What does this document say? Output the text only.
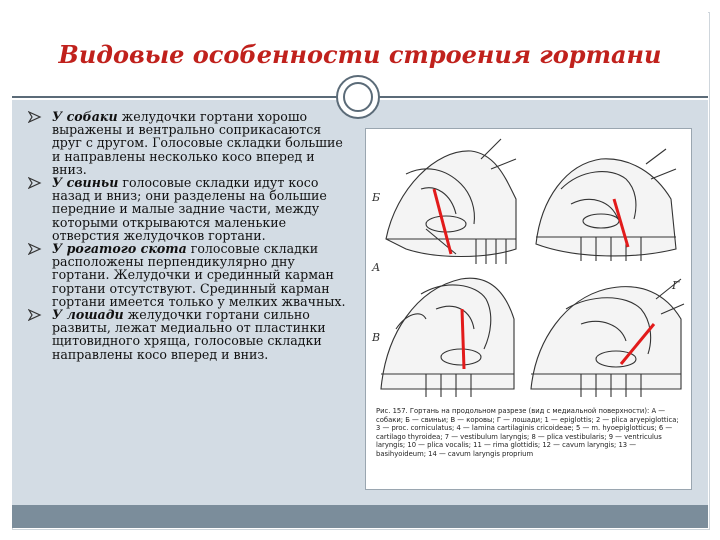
Видовые особенности строения гортани
У собаки желудочки гортани хорошо выражены и вентрально соприкасаются друг с другом. Голосовые складки большие и направлены несколько косо вперед и вниз.
У свиньи голосовые складки идут косо назад и вниз; они разделены на большие передние и малые задние части, между которыми открываются маленькие отверстия желудочков гортани.
У рогатого скота голосовые складки расположены перпендикулярно дну гортани. Желудочки и срединный карман гортани отсутствуют. Срединный карман гортани имеется только у мелких жвачных.
У лошади желудочки гортани сильно развиты, лежат медиально от пластинки щитовидного хряща, голосовые складки направлены косо вперед и вниз.
Б
А
В
Г
Рис. 157. Гортань на продольном разрезе (вид с медиальной поверхности): А — собаки; Б — свиньи; В — коровы; Г — лошади; 1 — epiglottis; 2 — plica aryepiglottica; 3 — proc. corniculatus; 4 — lamina cartilaginis cricoideae; 5 — m. hyoepiglotticus; 6 — cartilago thyroidea; 7 — vestibulum laryngis; 8 — plica vestibularis; 9 — ventriculus laryngis; 10 — plica vocalis; 11 — rima glottidis; 12 — cavum laryngis; 13 — basihyoideum; 14 — cavum laryngis proprium
